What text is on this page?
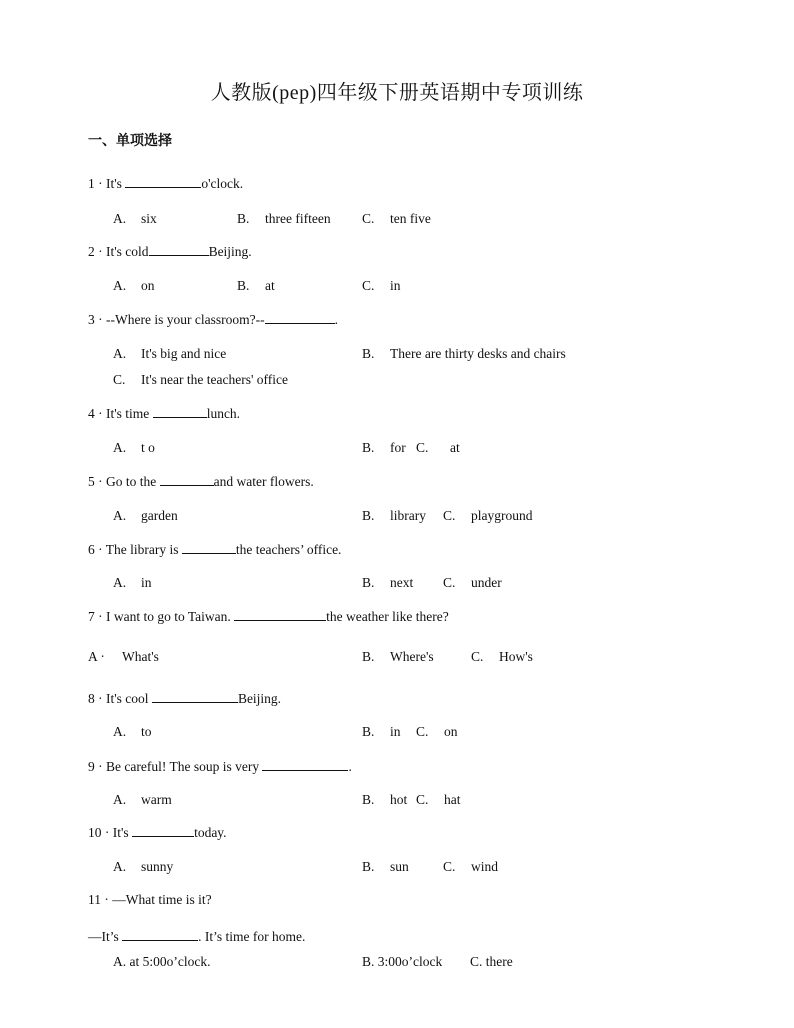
人教版(pep)四年级下册英语期中专项训练
一、单项选择
1 · It's	o'clock.
A. six	B. three fifteen C. ten five
2 · It's cold	Beijing.
A. on	B. at	C. in
3 · --Where is your classroom?--	.
A. It's big and nice	B. There are thirty desks and chairs
C. It's near the teachers' office
4 · It's time	lunch.
A. t o	B. for C. at
5 · Go to the	and water flowers.
A. garden	B. library C. playground
6 · The library is	the teachers’ office.
A. in	B. next C. under
7 · I want to go to Taiwan.	the weather like there?
A · What's	B. Where's	C. How's
8 · It's cool	Beijing.
A. to	B. in C. on
9 · Be careful! The soup is very	.
A. warm	B. hot C. hat
10 · It's	today.
A. sunny	B. sun	C. wind
11 · —What time is it?
—It’s	. It’s time for home.
A. at 5:00o’clock.	B. 3:00o’clock C. there
